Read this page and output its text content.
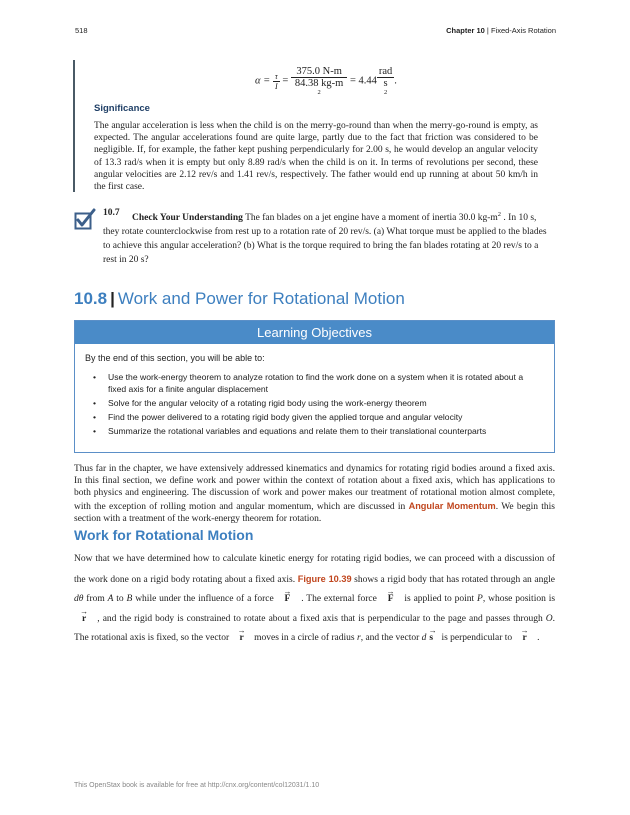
518	Chapter 10 | Fixed-Axis Rotation
$\alpha = \frac{\tau}{I} = 375.0$ N-m
84.38 kg-m
2 = 4.44 rad
s
2 .
Significance
The angular acceleration is less when the child is on the merry-go-round than when the merry-go-round is empty, as expected. The angular accelerations found are quite large, partly due to the fact that friction was considered to be negligible. If, for example, the father kept pushing perpendicularly for 2.00 s, he would develop an angular velocity of 13.3 rad/s when it is empty but only 8.89 rad/s when the child is on it. In terms of revolutions per second, these angular velocities are 2.12 rev/s and 1.41 rev/s, respectively. The father would end up running at about 50 km/h in the first case.
10.7
Check Your Understanding The fan blades on a jet engine have a moment of inertia 30.0 $kg-m^2$ . In 10 s, they rotate counterclockwise from rest up to a rotation rate of 20 rev/s. (a) What torque must be applied to the blades to achieve this angular acceleration? (b) What is the torque required to bring the fan blades rotating at 20 rev/s to a rest in 20 s?
10.8 | Work and Power for Rotational Motion
Learning Objectives
By the end of this section, you will be able to:
• Use the work-energy theorem to analyze rotation to find the work done on a system when it is rotated about a fixed axis for a finite angular displacement
• Solve for the angular velocity of a rotating rigid body using the work-energy theorem
• Find the power delivered to a rotating rigid body given the applied torque and angular velocity
• Summarize the rotational variables and equations and relate them to their translational counterparts
Thus far in the chapter, we have extensively addressed kinematics and dynamics for rotating rigid bodies around a fixed axis. In this final section, we define work and power within the context of rotation about a fixed axis, which has applications to both physics and engineering. The discussion of work and power makes our treatment of rotational motion almost complete, with the exception of rolling motion and angular momentum, which are discussed in Angular Momentum. We begin this section with a treatment of the work-energy theorem for rotation.
Work for Rotational Motion
Now that we have determined how to calculate kinetic energy for rotating rigid bodies, we can proceed with a discussion of the work done on a rigid body rotating about a fixed axis. Figure 10.39 shows a rigid body that has rotated through an angle dθ from A to B while under the influence of a force → F . The external force → F is applied to point P, whose position is → r , and the rigid body is constrained to rotate about a fixed axis that is perpendicular to the page and passes through O. The rotational axis is fixed, so the vector → r moves in a circle of radius r, and the vector d→ s is perpendicular to → r .
This OpenStax book is available for free at http://cnx.org/content/col12031/1.10
